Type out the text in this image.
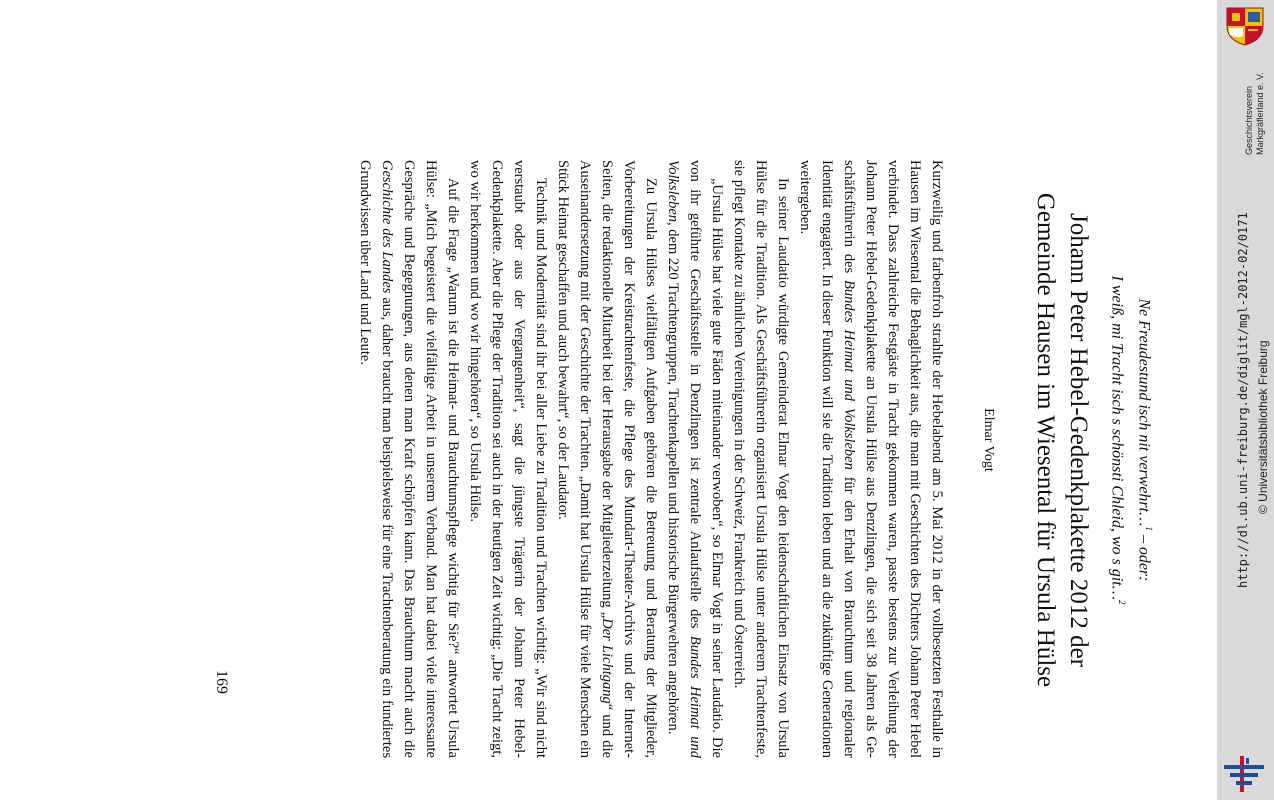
Ne Freudestund isch nit verwehrt…$^1$ – oder:
I weiß, mi Tracht isch s schönsti Chleid, wo s git…$^2$
Johann Peter Hebel-Gedenkplakette 2012 der
Gemeinde Hausen im Wiesental für Ursula Hülse
Elmar Vogt

Kurzweilig und farbenfroh strahlte der Hebelabend am 5. Mai 2012 in der vollbesetzten Festhalle in Hausen im Wiesental die Behaglichkeit aus, die man mit Geschichten des Dichters Johann Peter Hebel verbindet. Dass zahlreiche Festgäste in Tracht gekommen waren, passte bestens zur Verleihung der Johann Peter Hebel-Gedenkplakette an Ursula Hülse aus Denzlingen, die sich seit 38 Jahren als Geschäftsführerin des Bundes Heimat und Volksleben für den Erhalt von Brauchtum und regionaler Identität engagiert. In dieser Funktion will sie die Tradition leben und an die zukünftige Generationen weitergeben.

In seiner Laudatio würdigte Gemeinderat Elmar Vogt den leidenschaftlichen Einsatz von Ursula Hülse für die Tradition. Als Geschäftsführerin organisiert Ursula Hülse unter anderem Trachtenfeste, sie pflegt Kontakte zu ähnlichen Vereinigungen in der Schweiz, Frankreich und Österreich.

„Ursula Hülse hat viele gute Fäden miteinander verwoben“, so Elmar Vogt in seiner Laudatio. Die von ihr geführte Geschäftsstelle in Denzlingen ist zentrale Anlaufstelle des Bundes Heimat und Volksleben, dem 220 Trachtengruppen, Trachtenkapellen und historische Bürgerwehren angehören.

Zu Ursula Hülses vielfältigen Aufgaben gehören die Betreuung und Beratung der Mitglieder, Vorbereitungen der Kreistrachtenfeste, die Pflege des Mundart-Theater-Archivs und der Internet-Seiten, die redaktionelle Mitarbeit bei der Herausgabe der Mitgliederzeitung „Der Lichtgang“ und die Auseinandersetzung mit der Geschichte der Trachten. „Damit hat Ursula Hülse für viele Menschen ein Stück Heimat geschaffen und auch bewahrt“, so der Laudator.

Technik und Modernität sind ihr bei aller Liebe zu Tradition und Trachten wichtig: „Wir sind nicht verstaubt oder aus der Vergangenheit“, sagt die jüngste Trägerin der Johann Peter Hebel-Gedenkplakette. Aber die Pflege der Tradition sei auch in der heutigen Zeit wichtig: „Die Tracht zeigt, wo wir herkommen und wo wir hingehören“, so Ursula Hülse.

Auf die Frage „Warum ist die Heimat- und Brauchtumspflege wichtig für Sie?“ antwortet Ursula Hülse: „Mich begeistert die vielfältige Arbeit in unserem Verband. Man hat dabei viele interessante Gespräche und Begegnungen, aus denen man Kraft schöpfen kann. Das Brauchtum macht auch die Geschichte des Landes aus, daher braucht man beispielsweise für eine Trachtenberatung ein fundiertes Grundwissen über Land und Leute.

169
Geschichtsverein Markgräflerland e. V.
http://dl.ub.uni-freiburg.de/diglit/mgl-2012-02/0171 © Universitätsbibliothek Freiburg
